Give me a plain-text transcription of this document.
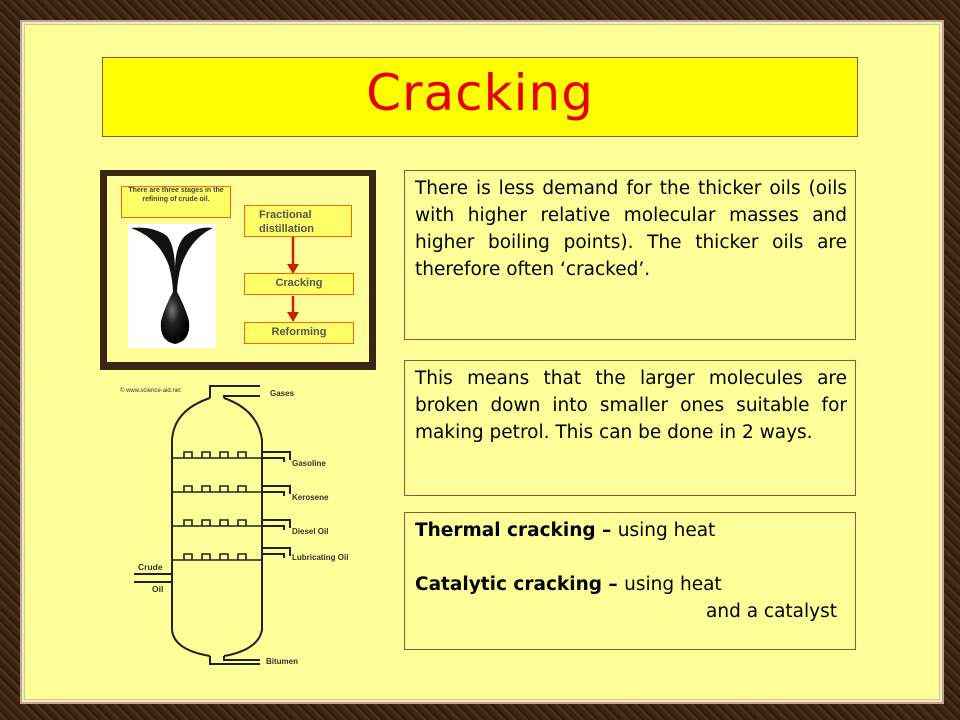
Cracking
There are three stages in the refining of crude oil.
Fractional distillation
Cracking
Reforming
© www.science-aid.net	Gases
Gasoline
Kerosene
Diesel Oil
Lubricating Oil
Crude
Oil
Bitumen
There is less demand for the thicker oils (oils with higher relative molecular masses and higher boiling points). The thicker oils are therefore often ‘cracked’.
This means that the larger molecules are broken down into smaller ones suitable for making petrol. This can be done in 2 ways.
Thermal cracking – using heat
Catalytic cracking – using heat
and a catalyst
